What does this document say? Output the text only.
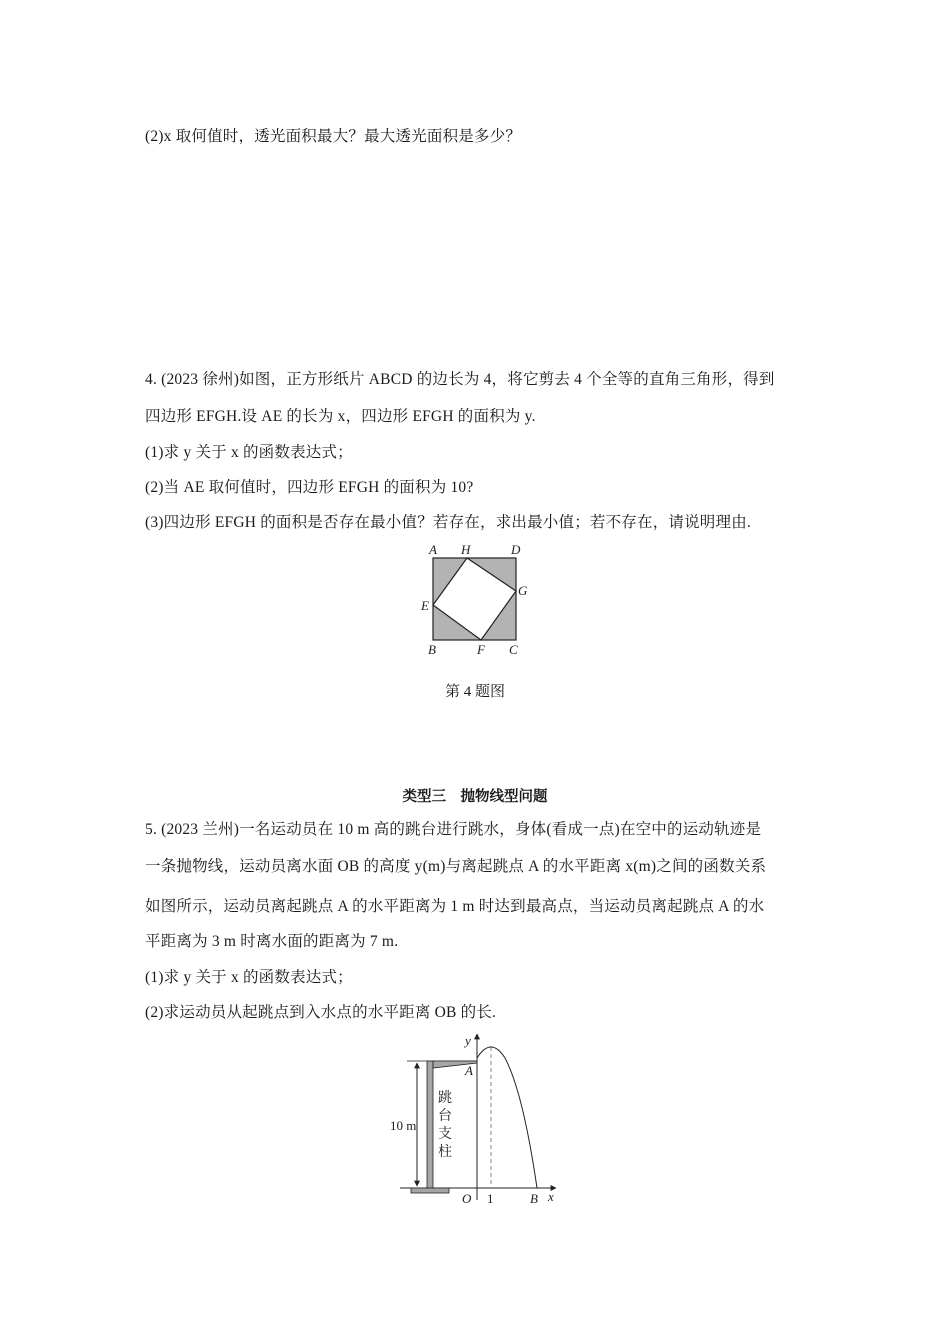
(2)x 取何值时，透光面积最大？最大透光面积是多少？
4. (2023 徐州)如图，正方形纸片 ABCD 的边长为 4，将它剪去 4 个全等的直角三角形，得到
四边形 EFGH.设 AE 的长为 x，四边形 EFGH 的面积为 y.
(1)求 y 关于 x 的函数表达式；
(2)当 AE 取何值时，四边形 EFGH 的面积为 10?
(3)四边形 EFGH 的面积是否存在最小值？若存在，求出最小值；若不存在，请说明理由.
A H	D
G
E
B	F C
第 4 题图
类型三　抛物线型问题
5. (2023 兰州)一名运动员在 10 m 高的跳台进行跳水，身体(看成一点)在空中的运动轨迹是
一条抛物线，运动员离水面 OB 的高度 y(m)与离起跳点 A 的水平距离 x(m)之间的函数关系
如图所示，运动员离起跳点 A 的水平距离为 1 m 时达到最高点，当运动员离起跳点 A 的水
平距离为 3 m 时离水面的距离为 7 m.
(1)求 y 关于 x 的函数表达式；
(2)求运动员从起跳点到入水点的水平距离 OB 的长.
y
A
10 m
O 1	B x
跳
台
支
柱
